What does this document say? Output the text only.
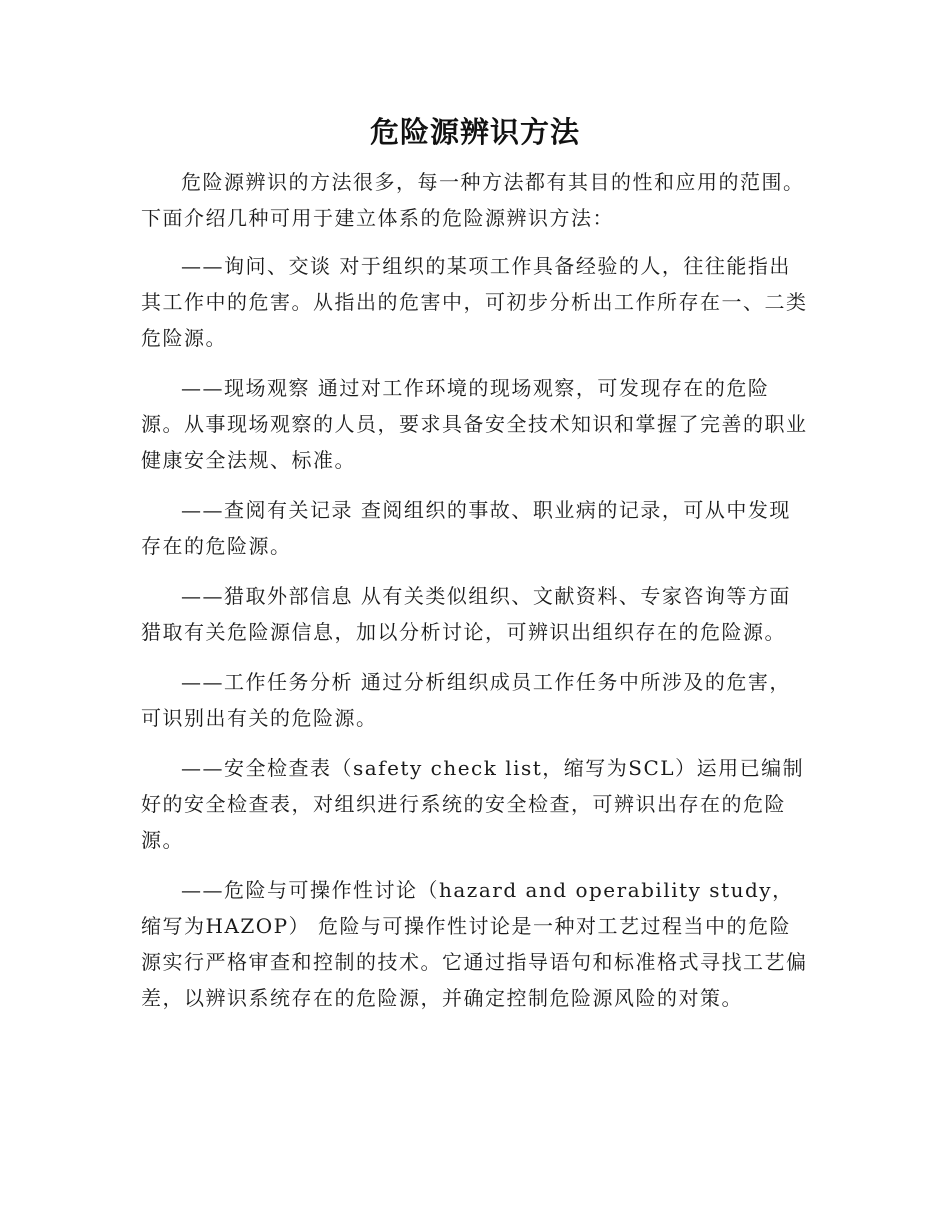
危险源辨识方法

危险源辨识的方法很多，每一种方法都有其目的性和应用的范围。下面介绍几种可用于建立体系的危险源辨识方法：

——询问、交谈 对于组织的某项工作具备经验的人，往往能指出其工作中的危害。从指出的危害中，可初步分析出工作所存在一、二类危险源。

——现场观察 通过对工作环境的现场观察，可发现存在的危险源。从事现场观察的人员，要求具备安全技术知识和掌握了完善的职业健康安全法规、标准。

——查阅有关记录 查阅组织的事故、职业病的记录，可从中发现存在的危险源。

——猎取外部信息 从有关类似组织、文献资料、专家咨询等方面猎取有关危险源信息，加以分析讨论，可辨识出组织存在的危险源。

——工作任务分析 通过分析组织成员工作任务中所涉及的危害，可识别出有关的危险源。

——安全检查表（safety check list，缩写为SCL）运用已编制好的安全检查表，对组织进行系统的安全检查，可辨识出存在的危险源。

——危险与可操作性讨论（hazard and operability study，缩写为HAZOP） 危险与可操作性讨论是一种对工艺过程当中的危险源实行严格审查和控制的技术。它通过指导语句和标准格式寻找工艺偏差，以辨识系统存在的危险源，并确定控制危险源风险的对策。
